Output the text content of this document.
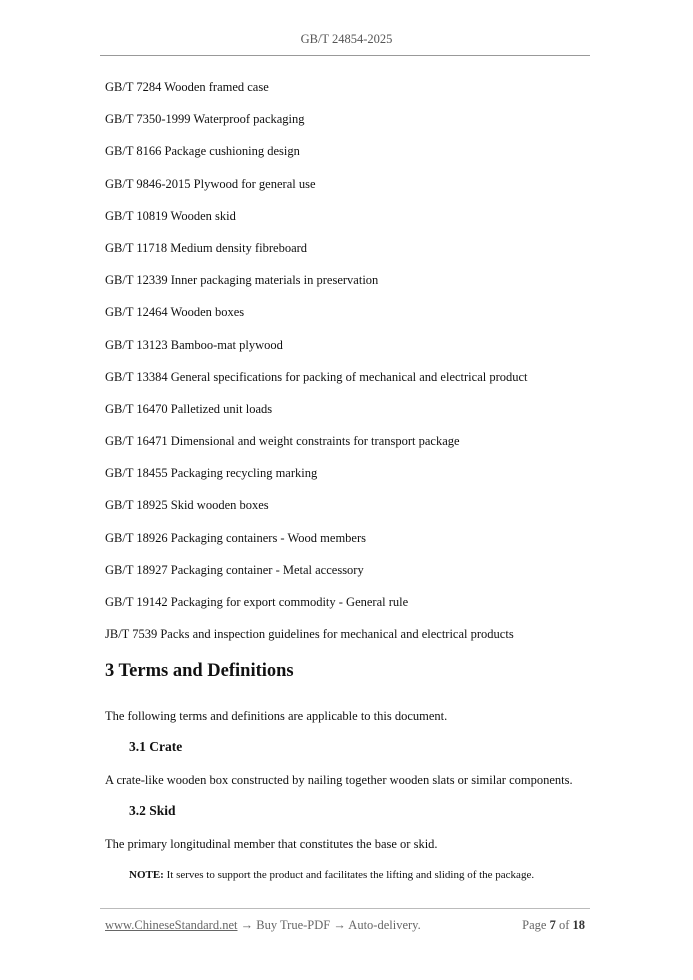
GB/T 24854-2025
GB/T 7284 Wooden framed case
GB/T 7350-1999 Waterproof packaging
GB/T 8166 Package cushioning design
GB/T 9846-2015 Plywood for general use
GB/T 10819 Wooden skid
GB/T 11718 Medium density fibreboard
GB/T 12339 Inner packaging materials in preservation
GB/T 12464 Wooden boxes
GB/T 13123 Bamboo-mat plywood
GB/T 13384 General specifications for packing of mechanical and electrical product
GB/T 16470 Palletized unit loads
GB/T 16471 Dimensional and weight constraints for transport package
GB/T 18455 Packaging recycling marking
GB/T 18925 Skid wooden boxes
GB/T 18926 Packaging containers - Wood members
GB/T 18927 Packaging container - Metal accessory
GB/T 19142 Packaging for export commodity - General rule
JB/T 7539 Packs and inspection guidelines for mechanical and electrical products
3 Terms and Definitions
The following terms and definitions are applicable to this document.
3.1 Crate
A crate-like wooden box constructed by nailing together wooden slats or similar components.
3.2 Skid
The primary longitudinal member that constitutes the base or skid.
NOTE: It serves to support the product and facilitates the lifting and sliding of the package.
www.ChineseStandard.net → Buy True-PDF → Auto-delivery.	Page 7 of 18
